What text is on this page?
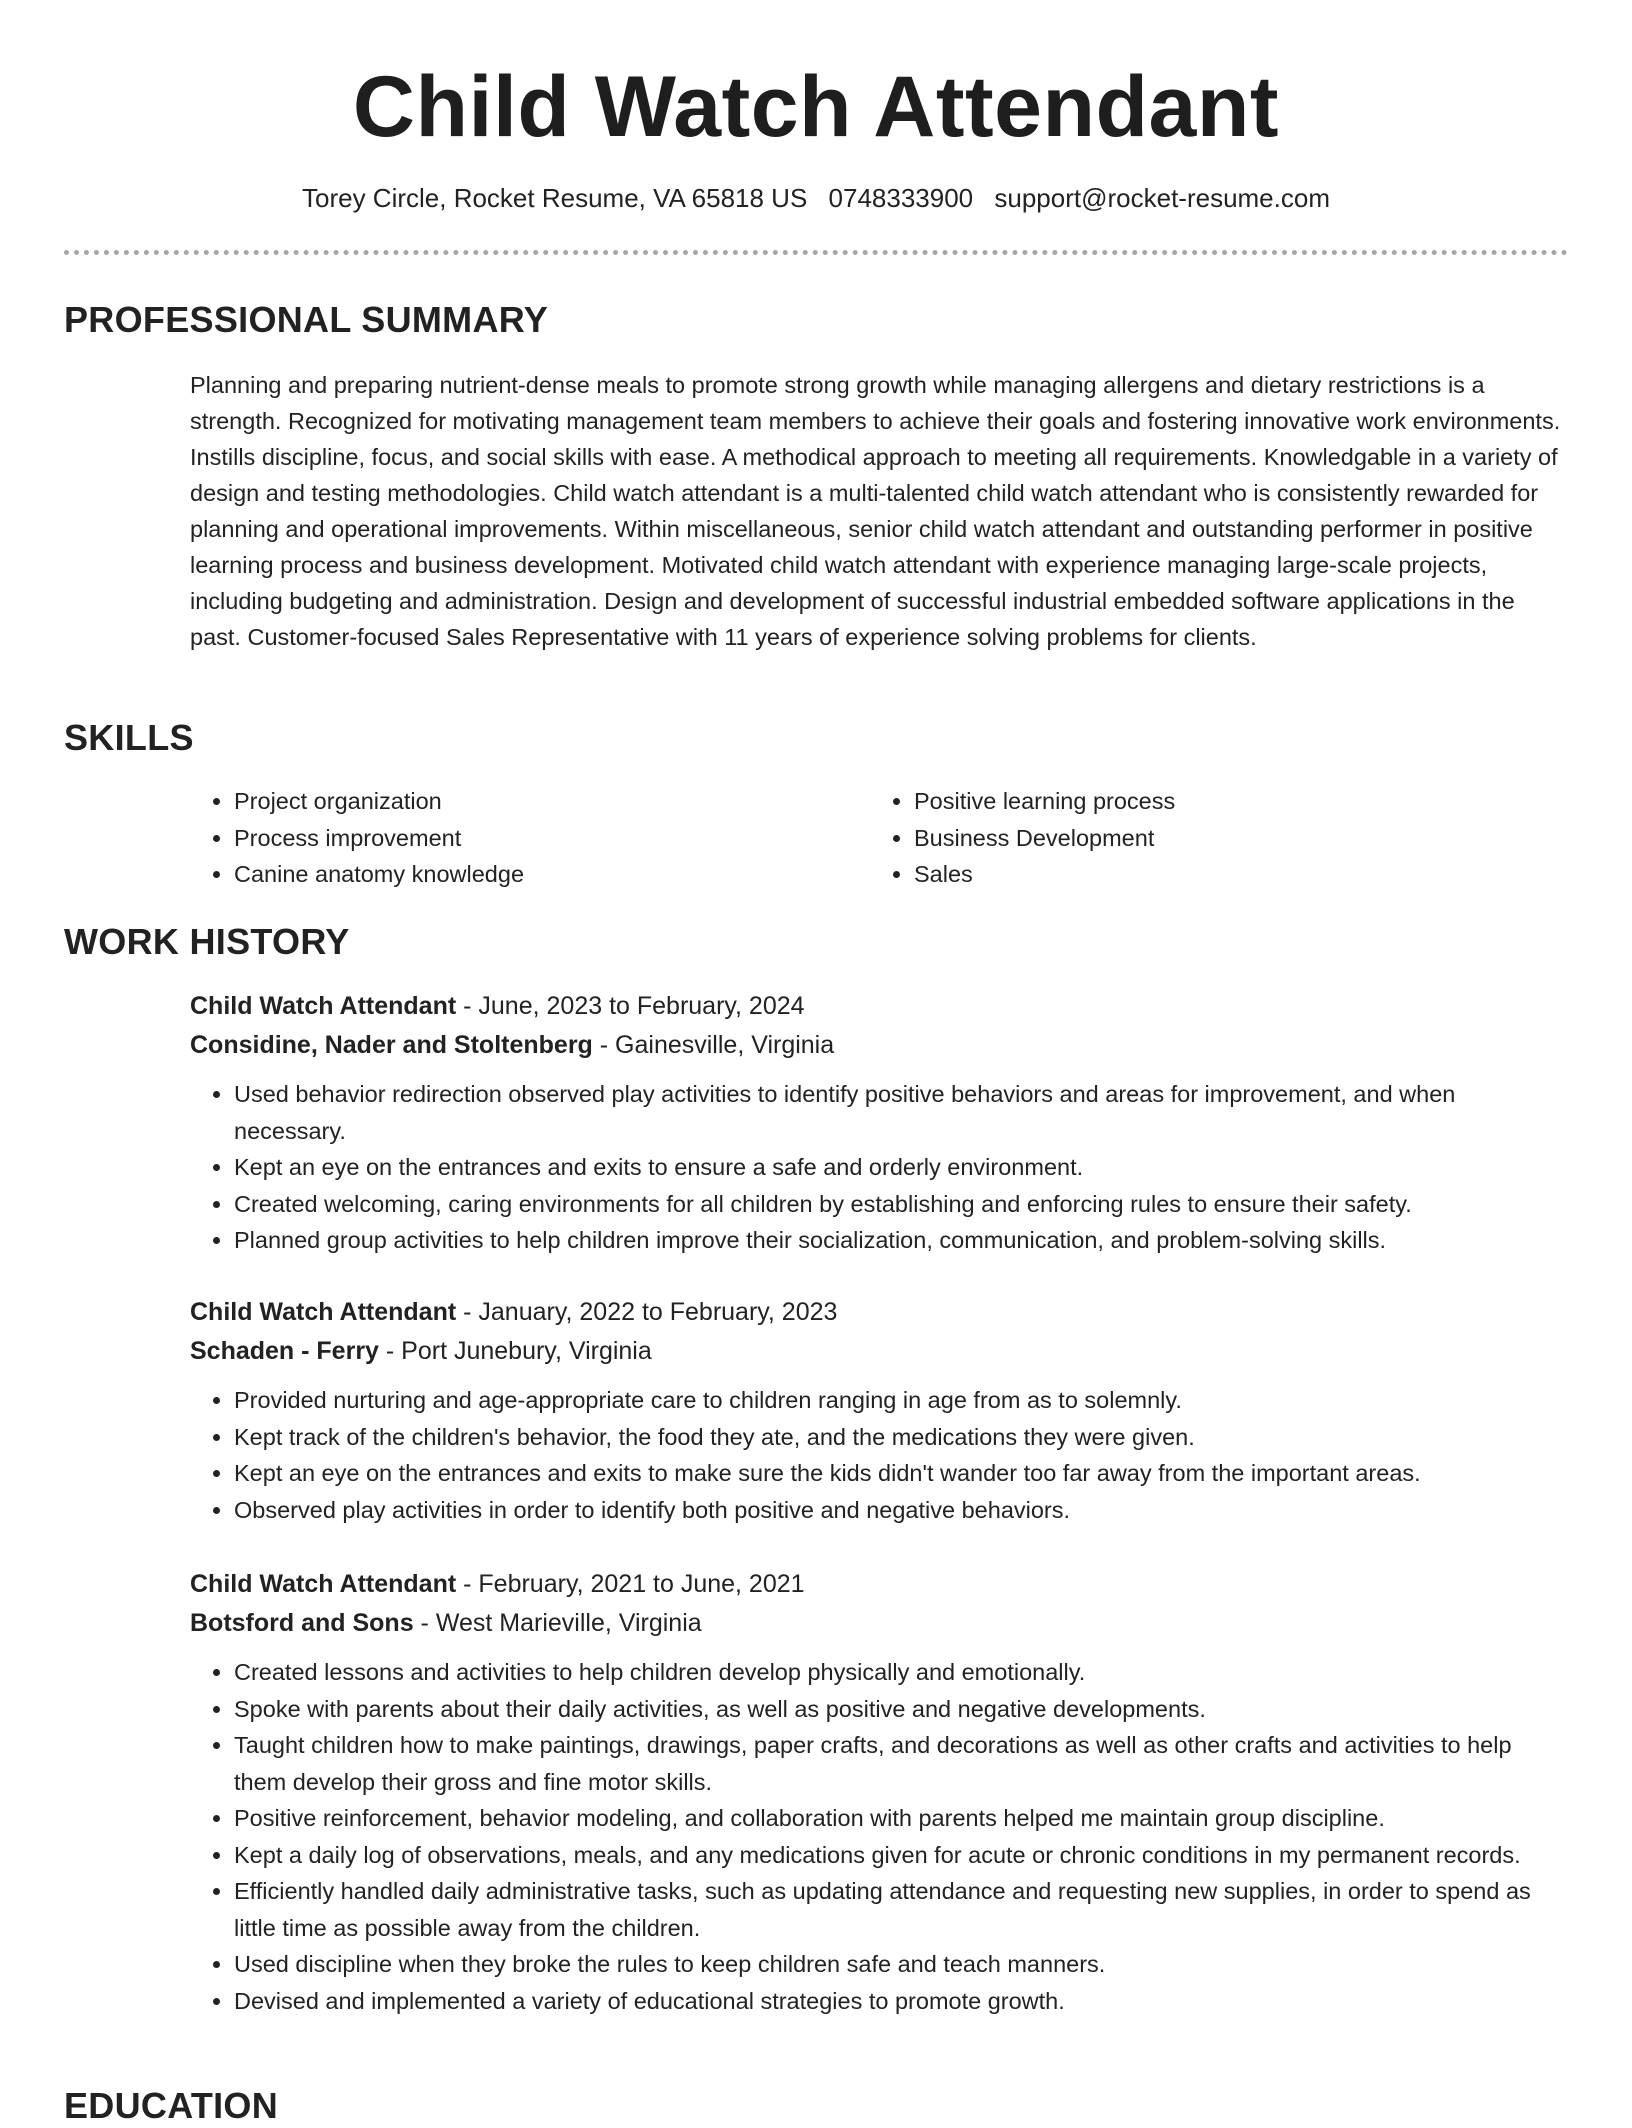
Child Watch Attendant
Torey Circle, Rocket Resume, VA 65818 US 0748333900 support@rocket-resume.com
PROFESSIONAL SUMMARY

Planning and preparing nutrient-dense meals to promote strong growth while managing allergens and dietary restrictions is a strength. Recognized for motivating management team members to achieve their goals and fostering innovative work environments. Instills discipline, focus, and social skills with ease. A methodical approach to meeting all requirements. Knowledgable in a variety of design and testing methodologies. Child watch attendant is a multi-talented child watch attendant who is consistently rewarded for planning and operational improvements. Within miscellaneous, senior child watch attendant and outstanding performer in positive learning process and business development. Motivated child watch attendant with experience managing large-scale projects, including budgeting and administration. Design and development of successful industrial embedded software applications in the past. Customer-focused Sales Representative with 11 years of experience solving problems for clients.

SKILLS
• Project organization
• Process improvement
• Canine anatomy knowledge
• Positive learning process
• Business Development
• Sales
WORK HISTORY
Child Watch Attendant - June, 2023 to February, 2024
Considine, Nader and Stoltenberg - Gainesville, Virginia
• Used behavior redirection observed play activities to identify positive behaviors and areas for improvement, and when necessary.
• Kept an eye on the entrances and exits to ensure a safe and orderly environment.
• Created welcoming, caring environments for all children by establishing and enforcing rules to ensure their safety.
• Planned group activities to help children improve their socialization, communication, and problem-solving skills.
Child Watch Attendant - January, 2022 to February, 2023
Schaden - Ferry - Port Junebury, Virginia
• Provided nurturing and age-appropriate care to children ranging in age from as to solemnly.
• Kept track of the children's behavior, the food they ate, and the medications they were given.
• Kept an eye on the entrances and exits to make sure the kids didn't wander too far away from the important areas.
• Observed play activities in order to identify both positive and negative behaviors.
Child Watch Attendant - February, 2021 to June, 2021
Botsford and Sons - West Marieville, Virginia
• Created lessons and activities to help children develop physically and emotionally.
• Spoke with parents about their daily activities, as well as positive and negative developments.
• Taught children how to make paintings, drawings, paper crafts, and decorations as well as other crafts and activities to help them develop their gross and fine motor skills.
• Positive reinforcement, behavior modeling, and collaboration with parents helped me maintain group discipline.
• Kept a daily log of observations, meals, and any medications given for acute or chronic conditions in my permanent records.
• Efficiently handled daily administrative tasks, such as updating attendance and requesting new supplies, in order to spend as little time as possible away from the children.
• Used discipline when they broke the rules to keep children safe and teach manners.
• Devised and implemented a variety of educational strategies to promote growth.
EDUCATION
